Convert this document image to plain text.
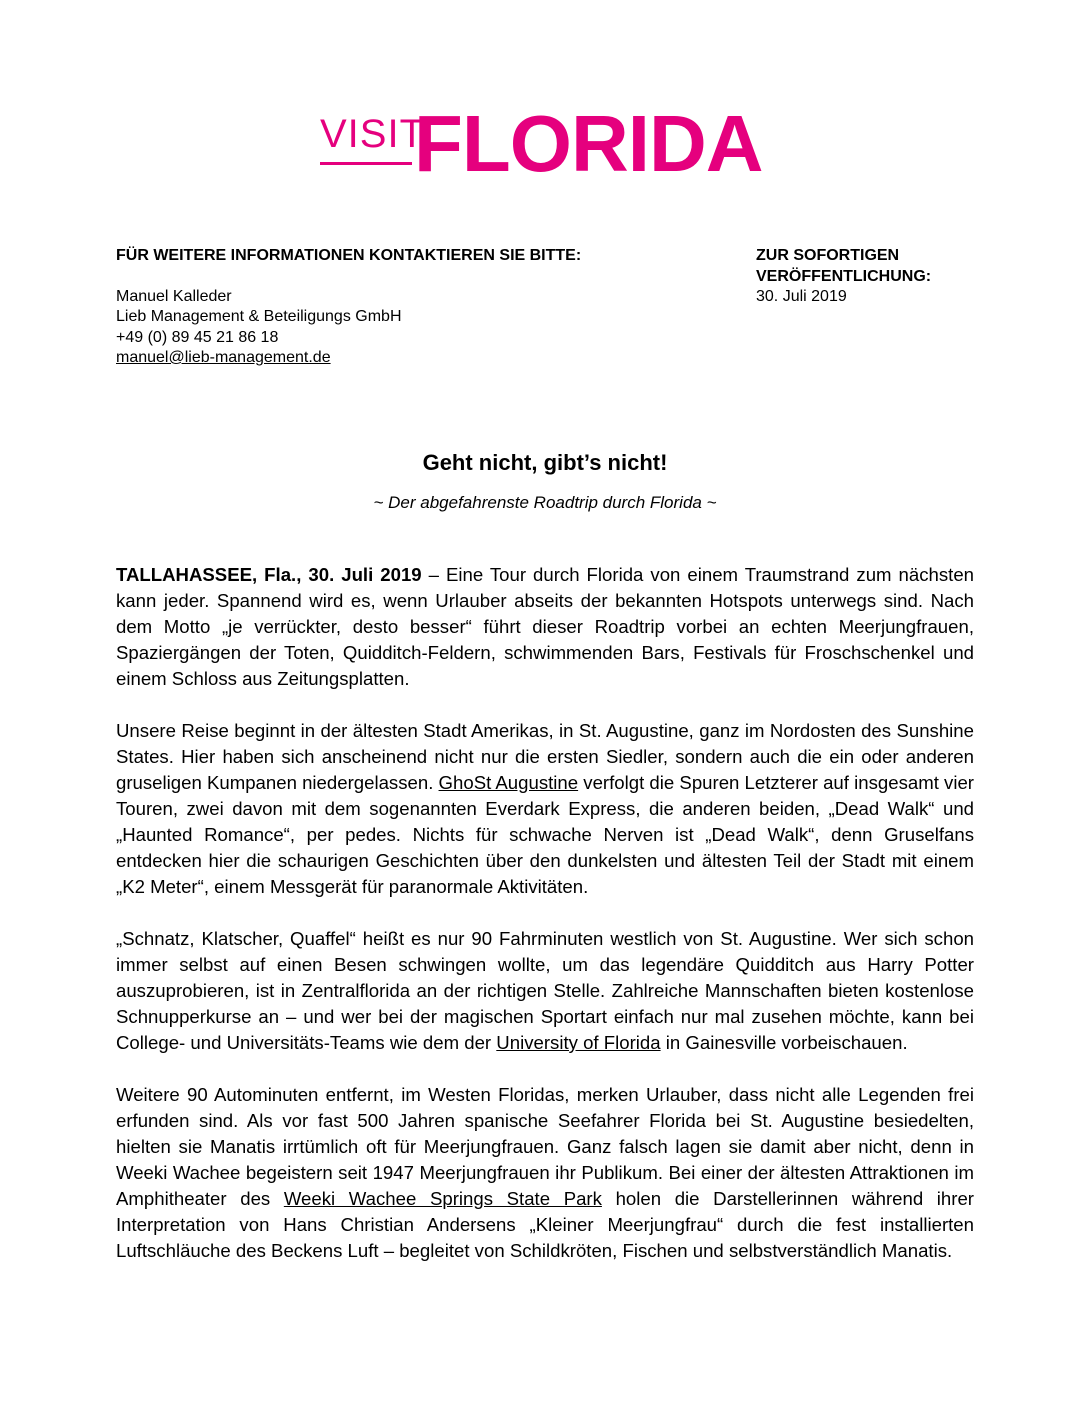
VISIT
FLORIDA
FÜR WEITERE INFORMATIONEN KONTAKTIEREN SIE BITTE:
Manuel Kalleder
Lieb Management & Beteiligungs GmbH
+49 (0) 89 45 21 86 18
manuel@lieb-management.de
ZUR SOFORTIGEN
VERÖFFENTLICHUNG:
30. Juli 2019
Geht nicht, gibt’s nicht!
~ Der abgefahrenste Roadtrip durch Florida ~

TALLAHASSEE, Fla., 30. Juli 2019 – Eine Tour durch Florida von einem Traumstrand zum nächsten kann jeder. Spannend wird es, wenn Urlauber abseits der bekannten Hotspots unterwegs sind. Nach dem Motto „je verrückter, desto besser“ führt dieser Roadtrip vorbei an echten Meerjungfrauen, Spaziergängen der Toten, Quidditch-Feldern, schwimmenden Bars, Festivals für Froschschenkel und einem Schloss aus Zeitungsplatten.

Unsere Reise beginnt in der ältesten Stadt Amerikas, in St. Augustine, ganz im Nordosten des Sunshine States. Hier haben sich anscheinend nicht nur die ersten Siedler, sondern auch die ein oder anderen gruseligen Kumpanen niedergelassen. GhoSt Augustine verfolgt die Spuren Letzterer auf insgesamt vier Touren, zwei davon mit dem sogenannten Everdark Express, die anderen beiden, „Dead Walk“ und „Haunted Romance“, per pedes. Nichts für schwache Nerven ist „Dead Walk“, denn Gruselfans entdecken hier die schaurigen Geschichten über den dunkelsten und ältesten Teil der Stadt mit einem „K2 Meter“, einem Messgerät für paranormale Aktivitäten.

„Schnatz, Klatscher, Quaffel“ heißt es nur 90 Fahrminuten westlich von St. Augustine. Wer sich schon immer selbst auf einen Besen schwingen wollte, um das legendäre Quidditch aus Harry Potter auszuprobieren, ist in Zentralflorida an der richtigen Stelle. Zahlreiche Mannschaften bieten kostenlose Schnupperkurse an – und wer bei der magischen Sportart einfach nur mal zusehen möchte, kann bei College- und Universitäts-Teams wie dem der University of Florida in Gainesville vorbeischauen.

Weitere 90 Autominuten entfernt, im Westen Floridas, merken Urlauber, dass nicht alle Legenden frei erfunden sind. Als vor fast 500 Jahren spanische Seefahrer Florida bei St. Augustine besiedelten, hielten sie Manatis irrtümlich oft für Meerjungfrauen. Ganz falsch lagen sie damit aber nicht, denn in Weeki Wachee begeistern seit 1947 Meerjungfrauen ihr Publikum. Bei einer der ältesten Attraktionen im Amphitheater des Weeki Wachee Springs State Park holen die Darstellerinnen während ihrer Interpretation von Hans Christian Andersens „Kleiner Meerjungfrau“ durch die fest installierten Luftschläuche des Beckens Luft – begleitet von Schildkröten, Fischen und selbstverständlich Manatis.
